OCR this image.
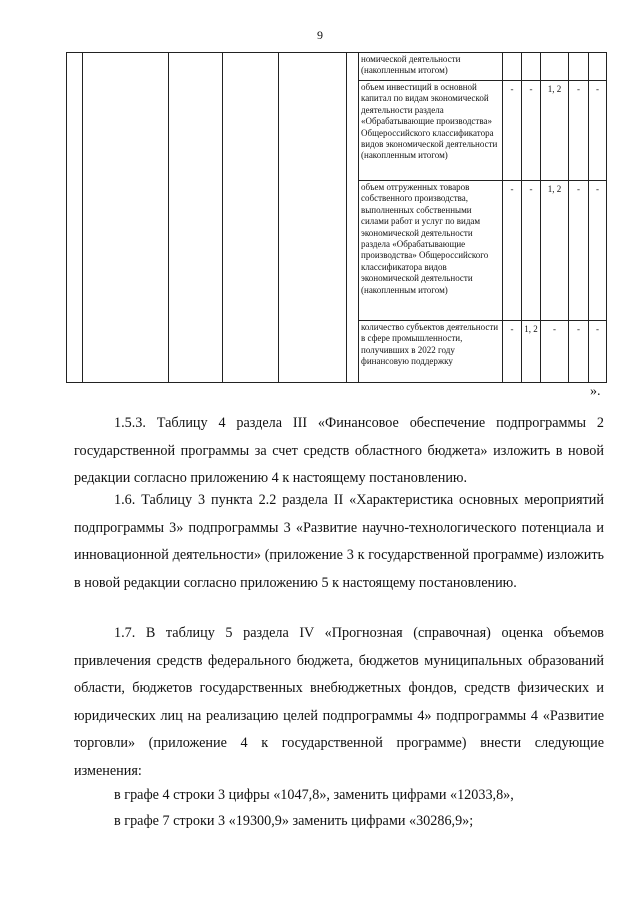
9
						номической деятельности (накопленным итогом)					
						объем инвестиций в основной капитал по видам экономической деятельности раздела «Обрабатывающие производства» Общероссийского классификатора видов экономической деятельности (накопленным итогом)	-	-	1, 2	-	-
						объем отгруженных товаров собственного производства, выполненных собственными силами работ и услуг по видам экономической деятельности раздела «Обрабатывающие производства» Общероссийского классификатора видов экономической деятельности (накопленным итогом)	-	-	1, 2	-	-
						количество субъектов деятельности в сфере промышленности, получивших в 2022 году финансовую поддержку	-	1, 2	-	-	-
».

1.5.3. Таблицу 4 раздела III «Финансовое обеспечение подпрограммы 2 государственной программы за счет средств областного бюджета» изложить в новой редакции согласно приложению 4 к настоящему постановлению.

1.6. Таблицу 3 пункта 2.2 раздела II «Характеристика основных мероприятий подпрограммы 3» подпрограммы 3 «Развитие научно-технологического потенциала и инновационной деятельности» (приложение 3 к государственной программе) изложить в новой редакции согласно приложению 5 к настоящему постановлению.

1.7. В таблицу 5 раздела IV «Прогнозная (справочная) оценка объемов привлечения средств федерального бюджета, бюджетов муниципальных образований области, бюджетов государственных внебюджетных фондов, средств физических и юридических лиц на реализацию целей подпрограммы 4» подпрограммы 4 «Развитие торговли» (приложение 4 к государственной программе) внести следующие изменения:

в графе 4 строки 3 цифры «1047,8», заменить цифрами «12033,8»,

в графе 7 строки 3 «19300,9» заменить цифрами «30286,9»;
